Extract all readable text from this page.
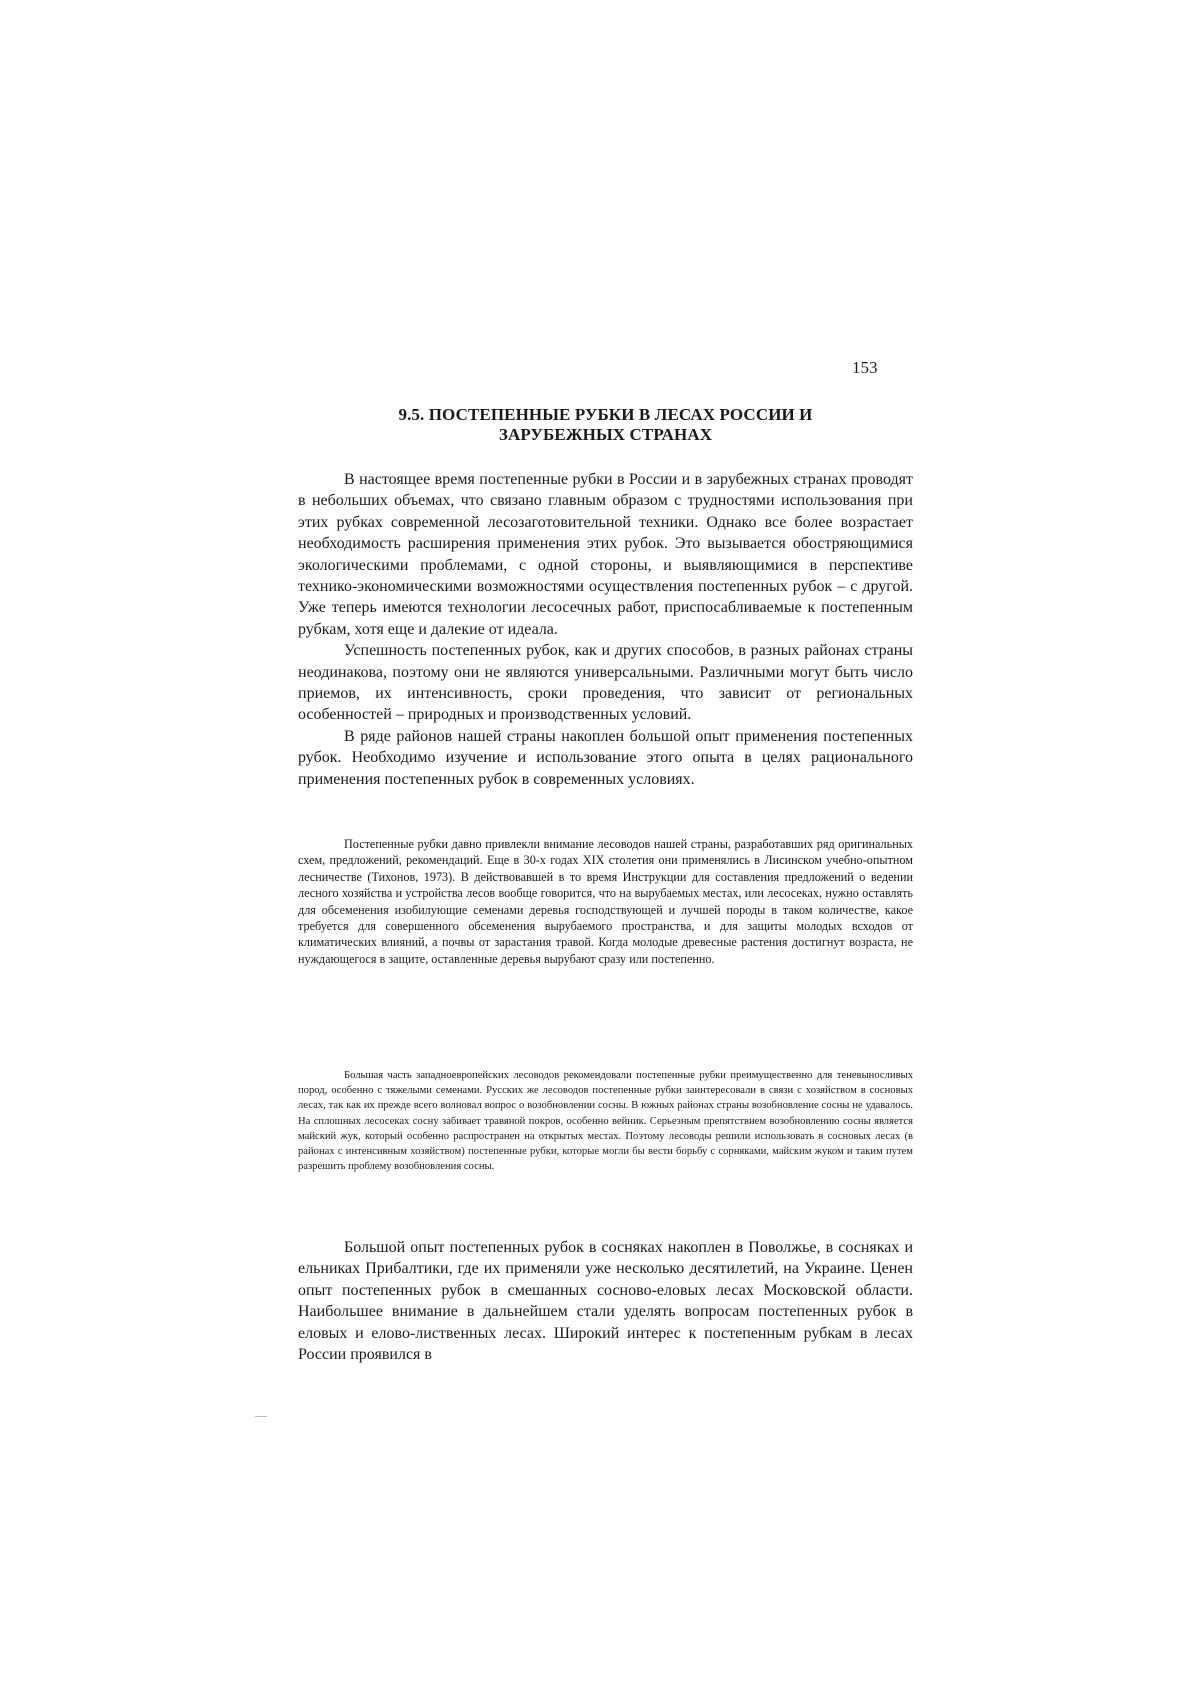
153
9.5. ПОСТЕПЕННЫЕ РУБКИ В ЛЕСАХ РОССИИ И
ЗАРУБЕЖНЫХ СТРАНАХ

В настоящее время постепенные рубки в России и в зарубежных странах проводят в небольших объемах, что связано главным образом с трудностями использования при этих рубках современной лесозаготовительной техники. Однако все более возрастает необходимость расширения применения этих рубок. Это вызывается обостряющимися экологическими проблемами, с одной стороны, и выявляющимися в перспективе технико-экономическими возможностями осуществления постепенных рубок – с другой. Уже теперь имеются технологии лесосечных работ, приспосабливаемые к постепенным рубкам, хотя еще и далекие от идеала.

Успешность постепенных рубок, как и других способов, в разных районах страны неодинакова, поэтому они не являются универсальными. Различными могут быть число приемов, их интенсивность, сроки проведения, что зависит от региональных особенностей – природных и производственных условий.

В ряде районов нашей страны накоплен большой опыт применения постепенных рубок. Необходимо изучение и использование этого опыта в целях рационального применения постепенных рубок в современных условиях.

Постепенные рубки давно привлекли внимание лесоводов нашей страны, разработавших ряд оригинальных схем, предложений, рекомендаций. Еще в 30-х годах XIX столетия они применялись в Лисинском учебно-опытном лесничестве (Тихонов, 1973). В действовавшей в то время Инструкции для составления предложений о ведении лесного хозяйства и устройства лесов вообще говорится, что на вырубаемых местах, или лесосеках, нужно оставлять для обсеменения изобилующие семенами деревья господствующей и лучшей породы в таком количестве, какое требуется для совершенного обсеменения вырубаемого пространства, и для защиты молодых всходов от климатических влияний, а почвы от зарастания травой. Когда молодые древесные растения достигнут возраста, не нуждающегося в защите, оставленные деревья вырубают сразу или постепенно.

Большая часть западноевропейских лесоводов рекомендовали постепенные рубки преимущественно для теневыносливых пород, особенно с тяжелыми семенами. Русских же лесоводов постепенные рубки заинтересовали в связи с хозяйством в сосновых лесах, так как их прежде всего волновал вопрос о возобновлении сосны. В южных районах страны возобновление сосны не удавалось. На сплошных лесосеках сосну забивает травяной покров, особенно вейник. Серьезным препятствием возобновлению сосны является майский жук, который особенно распространен на открытых местах. Поэтому лесоводы решили использовать в сосновых лесах (в районах с интенсивным хозяйством) постепенные рубки, которые могли бы вести борьбу с сорняками, майским жуком и таким путем разрешить проблему возобновления сосны.

Большой опыт постепенных рубок в сосняках накоплен в Поволжье, в сосняках и ельниках Прибалтики, где их применяли уже несколько десятилетий, на Украине. Ценен опыт постепенных рубок в смешанных сосново-еловых лесах Московской области. Наибольшее внимание в дальнейшем стали уделять вопросам постепенных рубок в еловых и елово-лиственных лесах. Широкий интерес к постепенным рубкам в лесах России проявился в
